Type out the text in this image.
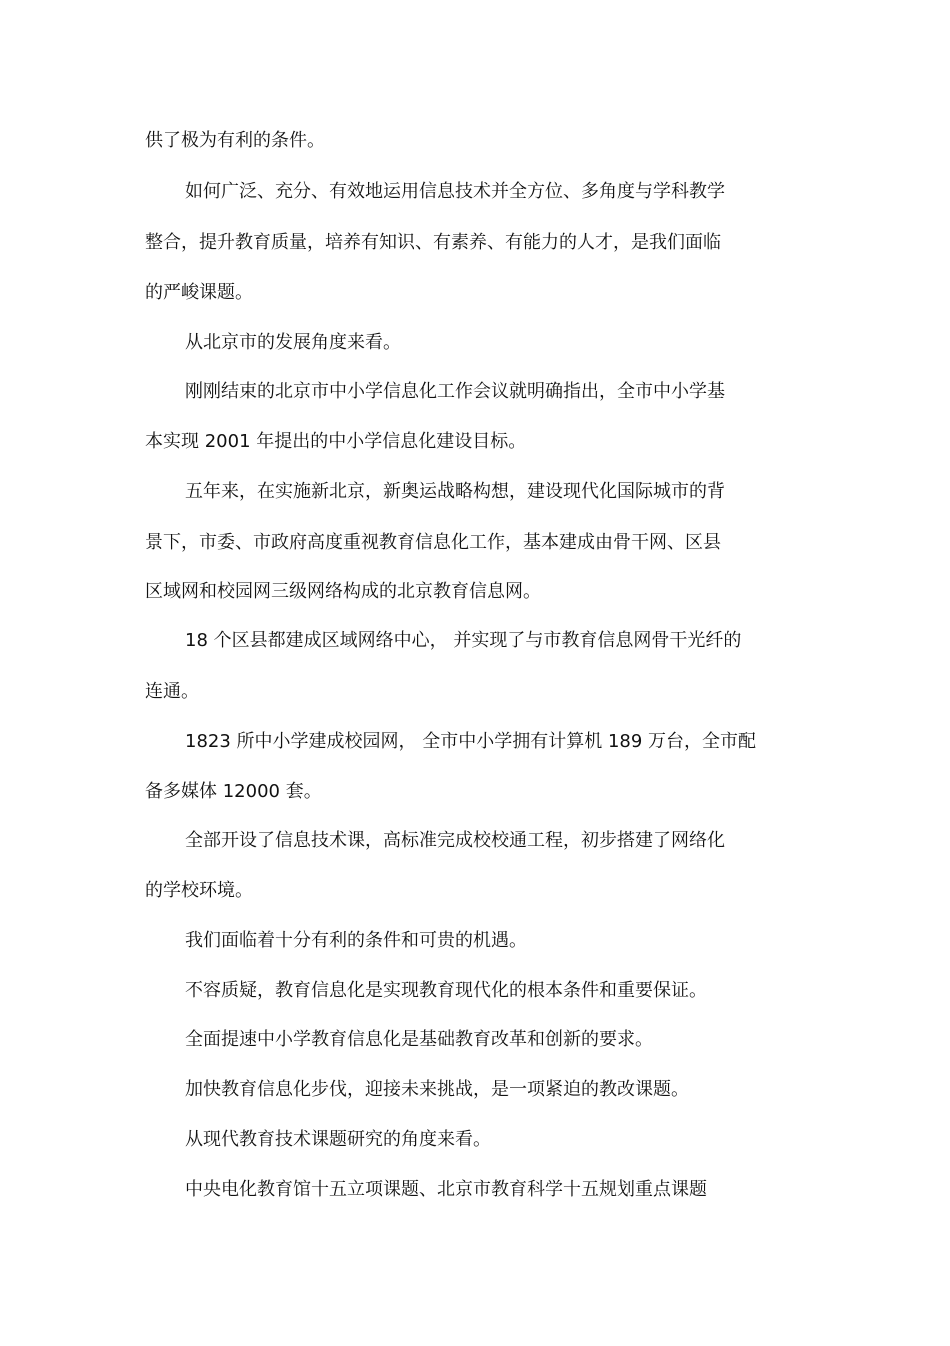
供了极为有利的条件。

如何广泛、充分、有效地运用信息技术并全方位、多角度与学科教学

整合，提升教育质量，培养有知识、有素养、有能力的人才，是我们面临

的严峻课题。

从北京市的发展角度来看。

刚刚结束的北京市中小学信息化工作会议就明确指出，全市中小学基

本实现 2001 年提出的中小学信息化建设目标。

五年来，在实施新北京，新奥运战略构想，建设现代化国际城市的背

景下，市委、市政府高度重视教育信息化工作，基本建成由骨干网、区县

区域网和校园网三级网络构成的北京教育信息网。

18 个区县都建成区域网络中心， 并实现了与市教育信息网骨干光纤的

连通。

1823 所中小学建成校园网， 全市中小学拥有计算机 189 万台，全市配

备多媒体 12000 套。

全部开设了信息技术课，高标准完成校校通工程，初步搭建了网络化

的学校环境。

我们面临着十分有利的条件和可贵的机遇。

不容质疑，教育信息化是实现教育现代化的根本条件和重要保证。

全面提速中小学教育信息化是基础教育改革和创新的要求。

加快教育信息化步伐，迎接未来挑战，是一项紧迫的教改课题。

从现代教育技术课题研究的角度来看。

中央电化教育馆十五立项课题、北京市教育科学十五规划重点课题
